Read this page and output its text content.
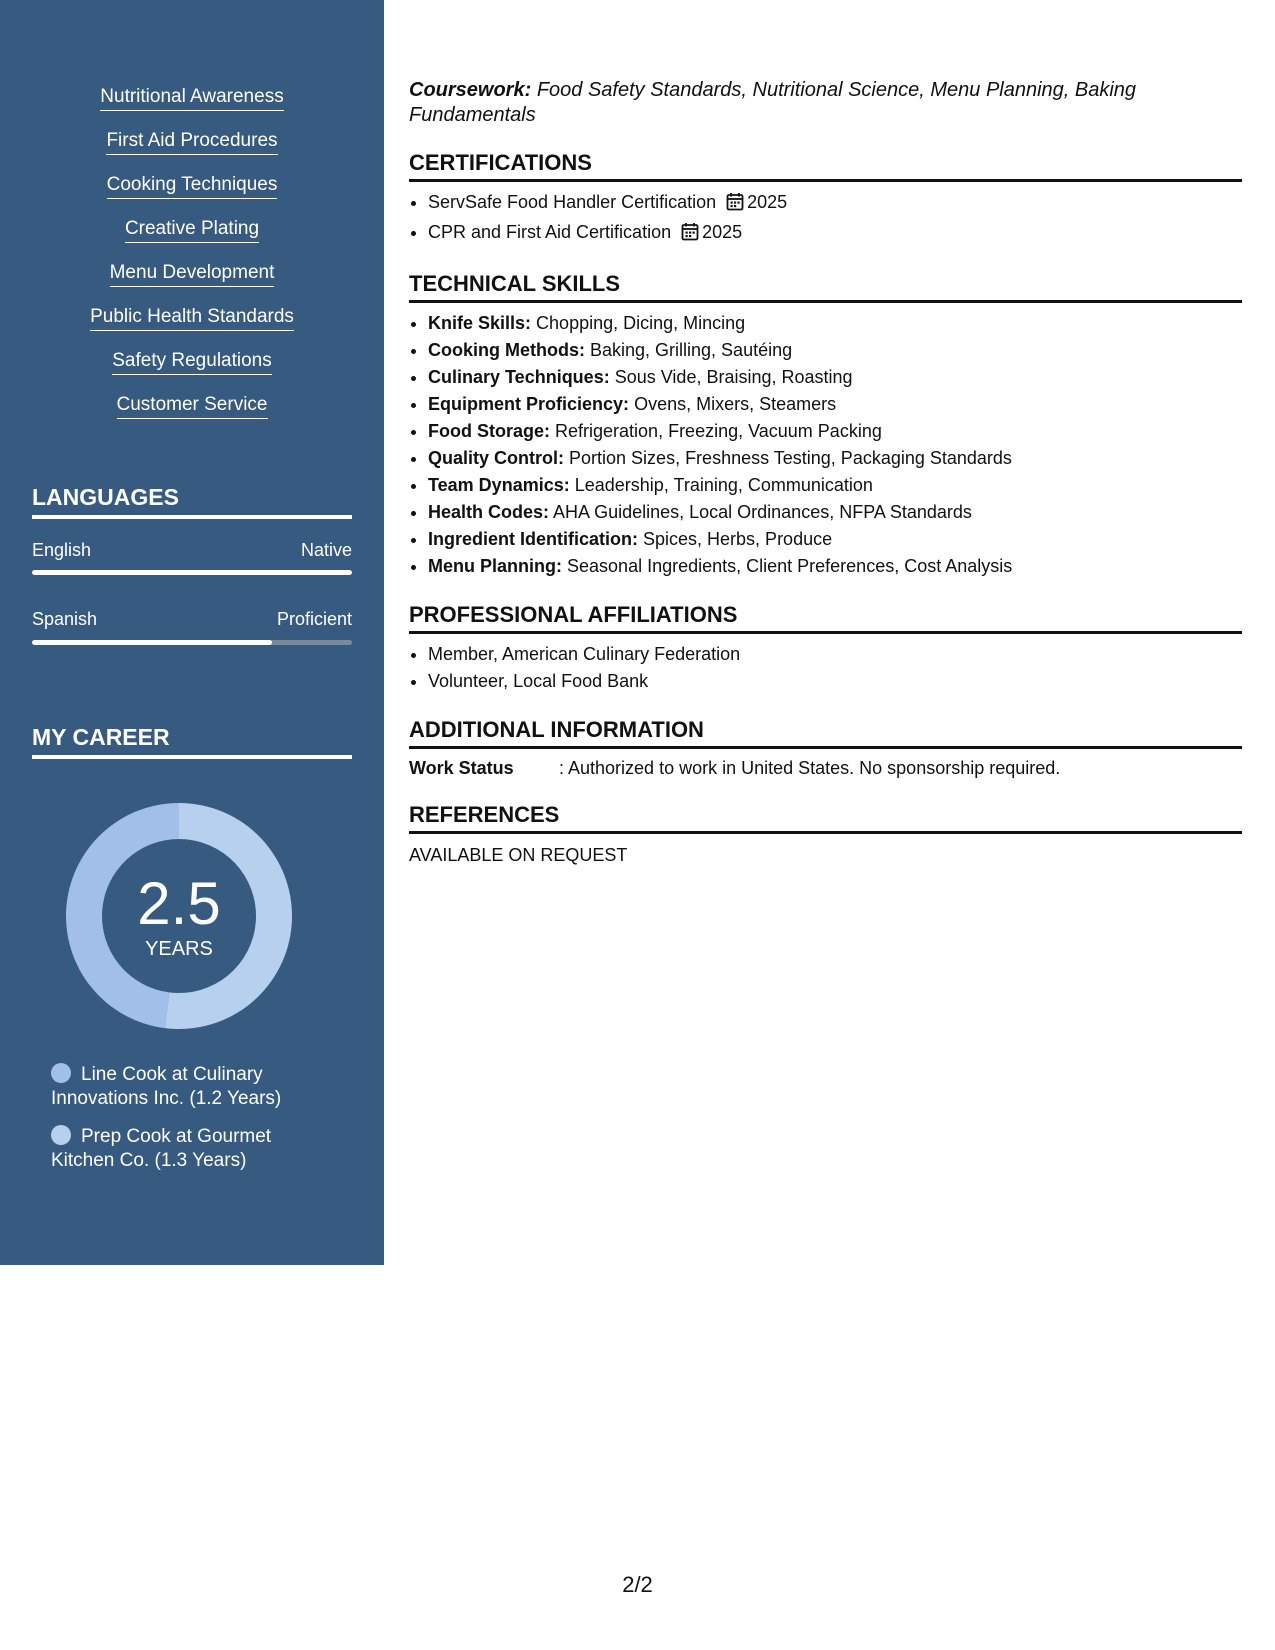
Nutritional Awareness
First Aid Procedures
Cooking Techniques
Creative Plating
Menu Development
Public Health Standards
Safety Regulations
Customer Service
LANGUAGES
English	Native
Spanish	Proficient
MY CAREER
2.5
YEARS
Line Cook at Culinary Innovations Inc. (1.2 Years)
Prep Cook at Gourmet Kitchen Co. (1.3 Years)

Coursework: Food Safety Standards, Nutritional Science, Menu Planning, Baking Fundamentals

CERTIFICATIONS
• ServSafe Food Handler Certification 2025
• CPR and First Aid Certification 2025
TECHNICAL SKILLS
• Knife Skills: Chopping, Dicing, Mincing
• Cooking Methods: Baking, Grilling, Sautéing
• Culinary Techniques: Sous Vide, Braising, Roasting
• Equipment Proficiency: Ovens, Mixers, Steamers
• Food Storage: Refrigeration, Freezing, Vacuum Packing
• Quality Control: Portion Sizes, Freshness Testing, Packaging Standards
• Team Dynamics: Leadership, Training, Communication
• Health Codes: AHA Guidelines, Local Ordinances, NFPA Standards
• Ingredient Identification: Spices, Herbs, Produce
• Menu Planning: Seasonal Ingredients, Client Preferences, Cost Analysis
PROFESSIONAL AFFILIATIONS
• Member, American Culinary Federation
• Volunteer, Local Food Bank
ADDITIONAL INFORMATION
Work Status	: Authorized to work in United States. No sponsorship required.
REFERENCES
AVAILABLE ON REQUEST
2/2
